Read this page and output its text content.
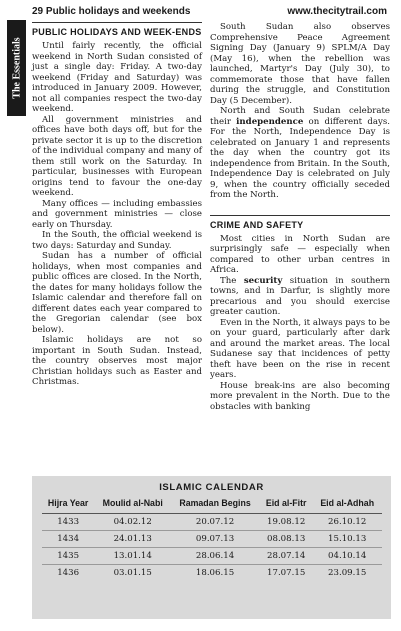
29 Public holidays and weekends	www.thecitytrail.com
The Essentials
PUBLIC HOLIDAYS AND WEEK-ENDS

Until fairly recently, the official weekend in North Sudan consisted of just a single day: Friday. A two-day weekend (Friday and Saturday) was introduced in January 2009. However, not all companies respect the two-day weekend.

All government ministries and offices have both days off, but for the private sector it is up to the discretion of the individual company and many of them still work on the Saturday. In particular, businesses with European origins tend to favour the one-day weekend.

Many offices — including embassies and government ministries — close early on Thursday.

In the South, the official weekend is two days: Saturday and Sunday.

Sudan has a number of official holidays, when most companies and public offices are closed. In the North, the dates for many holidays follow the Islamic calendar and therefore fall on different dates each year compared to the Gregorian calendar (see box below).

Islamic holidays are not so important in South Sudan. Instead, the country observes most major Christian holidays such as Easter and Christmas.

South Sudan also observes Comprehensive Peace Agreement Signing Day (January 9) SPLM/A Day (May 16), when the rebellion was launched, Martyr's Day (July 30), to commemorate those that have fallen during the struggle, and Constitution Day (5 December).

North and South Sudan celebrate their independence on different days. For the North, Independence Day is celebrated on January 1 and represents the day when the country got its independence from Britain. In the South, Independence Day is celebrated on July 9, when the country officially seceded from the North.

CRIME AND SAFETY

Most cities in North Sudan are surprisingly safe — especially when compared to other urban centres in Africa.

The security situation in southern towns, and in Darfur, is slightly more precarious and you should exercise greater caution.

Even in the North, it always pays to be on your guard, particularly after dark and around the market areas. The local Sudanese say that incidences of petty theft have been on the rise in recent years.

House break-ins are also becoming more prevalent in the North. Due to the obstacles with banking

ISLAMIC CALENDAR
Hijra Year	Moulid al-Nabi	Ramadan Begins	Eid al-Fitr	Eid al-Adhah
1433	04.02.12	20.07.12	19.08.12	26.10.12
1434	24.01.13	09.07.13	08.08.13	15.10.13
1435	13.01.14	28.06.14	28.07.14	04.10.14
1436	03.01.15	18.06.15	17.07.15	23.09.15
